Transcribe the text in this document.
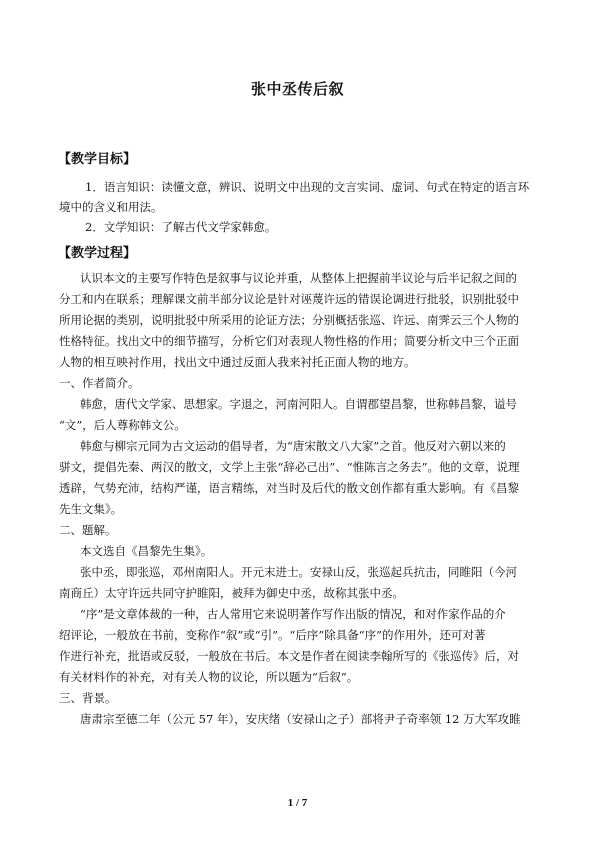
张中丞传后叙
【教学目标】
1．语言知识：读懂文意，辨识、说明文中出现的文言实词、虚词、句式在特定的语言环
境中的含义和用法。
2．文学知识：了解古代文学家韩愈。
【教学过程】
认识本文的主要写作特色是叙事与议论并重，从整体上把握前半议论与后半记叙之间的
分工和内在联系；理解课文前半部分议论是针对诬蔑许远的错误论调进行批驳，识别批驳中
所用论据的类别，说明批驳中所采用的论证方法；分别概括张巡、许远、南霁云三个人物的
性格特征。找出文中的细节描写，分析它们对表现人物性格的作用；简要分析文中三个正面
人物的相互映衬作用，找出文中通过反面人我来衬托正面人物的地方。
一、作者简介。
韩愈，唐代文学家、思想家。字退之，河南河阳人。自谓郡望昌黎，世称韩昌黎，谥号
“文”，后人尊称韩文公。
韩愈与柳宗元同为古文运动的倡导者，为“唐宋散文八大家”之首。他反对六朝以来的
骈文，提倡先秦、两汉的散文，文学上主张“辞必己出”、“惟陈言之务去”。他的文章，说理
透辟，气势充沛，结构严谨，语言精练，对当时及后代的散文创作都有重大影响。有《昌黎
先生文集》。
二、题解。
本文选自《昌黎先生集》。
张中丞，即张巡，邓州南阳人。开元末进士。安禄山反，张巡起兵抗击，同睢阳（今河
南商丘）太守许远共同守护睢阳，被拜为御史中丞，故称其张中丞。
“序”是文章体裁的一种，古人常用它来说明著作写作出版的情况，和对作家作品的介
绍评论，一般放在书前，变称作“叙”或“引”。“后序”除具备“序”的作用外，还可对著
作进行补充，批语或反驳，一般放在书后。本文是作者在阅读李翰所写的《张巡传》后，对
有关材料作的补充，对有关人物的议论，所以题为“后叙”。
三、背景。
唐肃宗至德二年（公元 57 年），安庆绪（安禄山之子）部将尹子奇率领 12 万大军攻睢
1 / 7
